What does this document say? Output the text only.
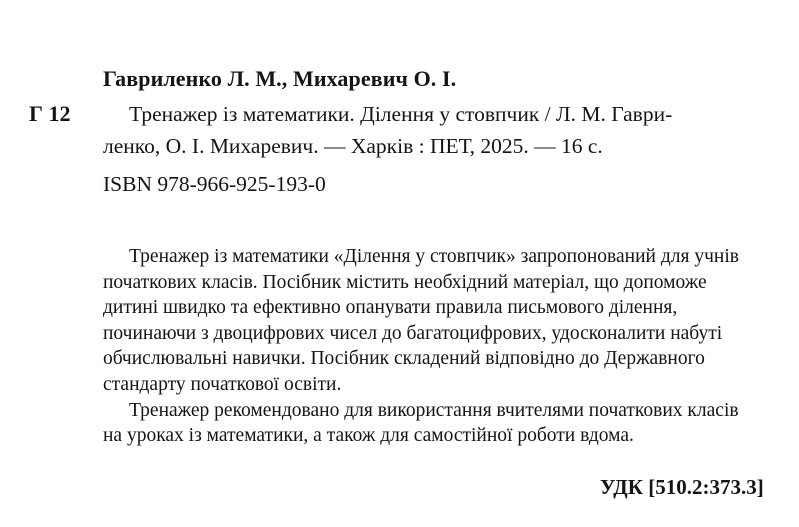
Гавриленко Л. М., Михаревич О. І.
Г 12	Тренажер із математики. Ділення у стовпчик / Л. М. Гаври-
ленко, О. І. Михаревич. — Харків : ПЕТ, 2025. — 16 с.
ISBN 978-966-925-193-0
Тренажер із математики «Ділення у стовпчик» запропонований для учнів
початкових класів. Посібник містить необхідний матеріал, що допоможе
дитині швидко та ефективно опанувати правила письмового ділення,
починаючи з двоцифрових чисел до багатоцифрових, удосконалити набуті
обчислювальні навички. Посібник складений відповідно до Державного
стандарту початкової освіти.
Тренажер рекомендовано для використання вчителями початкових класів
на уроках із математики, а також для самостійної роботи вдома.
УДК [510.2:373.3]
